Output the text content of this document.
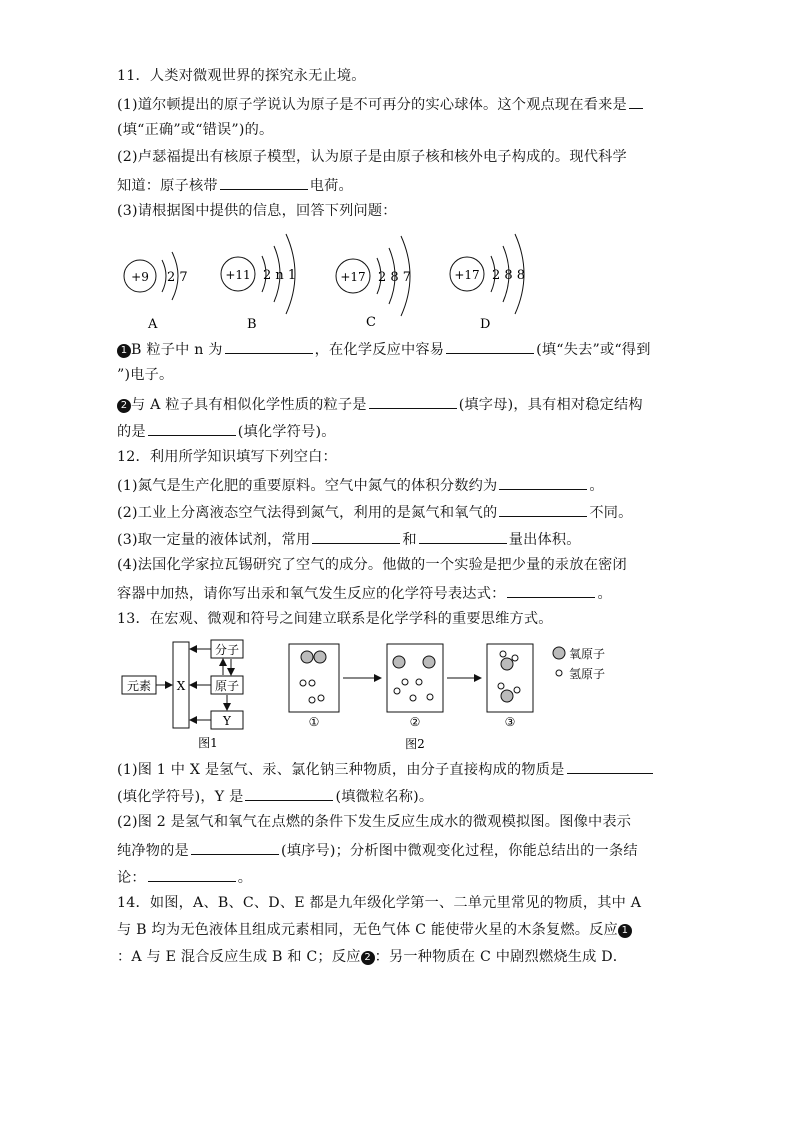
11．人类对微观世界的探究永无止境。
(1)道尔顿提出的原子学说认为原子是不可再分的实心球体。这个观点现在看来是
(填“正确”或“错误”)的。
(2)卢瑟福提出有核原子模型，认为原子是由原子核和核外电子构成的。现代科学
知道：原子核带	电荷。
(3)请根据图中提供的信息，回答下列问题：
+9 2 7
A
+11 2 n 1
B
+17 2 8 7
C
+17 2 8 8
D
1 B 粒子中 n 为	，在化学反应中容易	(填“失去”或“得到
”)电子。
2 与 A 粒子具有相似化学性质的粒子是	(填字母)，具有相对稳定结构
的是	(填化学符号)。
12．利用所学知识填写下列空白：
(1)氮气是生产化肥的重要原料。空气中氮气的体积分数约为	。
(2)工业上分离液态空气法得到氮气，利用的是氮气和氧气的	不同。
(3)取一定量的液体试剂，常用	和	量出体积。
(4)法国化学家拉瓦锡研究了空气的成分。他做的一个实验是把少量的汞放在密闭
容器中加热，请你写出汞和氧气发生反应的化学符号表达式：	。
13．在宏观、微观和符号之间建立联系是化学学科的重要思维方式。
元素 X
分子
原子
Y
图1
氧原子
氢原子
①	②	③
图2
(1)图 1 中 X 是氢气、汞、氯化钠三种物质，由分子直接构成的物质是
(填化学符号)，Y 是	(填微粒名称)。
(2)图 2 是氢气和氧气在点燃的条件下发生反应生成水的微观模拟图。图像中表示
纯净物的是	(填序号)；分析图中微观变化过程，你能总结出的一条结
论：	。
14．如图，A、B、C、D、E 都是九年级化学第一、二单元里常见的物质，其中 A
与 B 均为无色液体且组成元素相同，无色气体 C 能使带火星的木条复燃。反应 1
：A 与 E 混合反应生成 B 和 C；反应 2 ：另一种物质在 C 中剧烈燃烧生成 D．
